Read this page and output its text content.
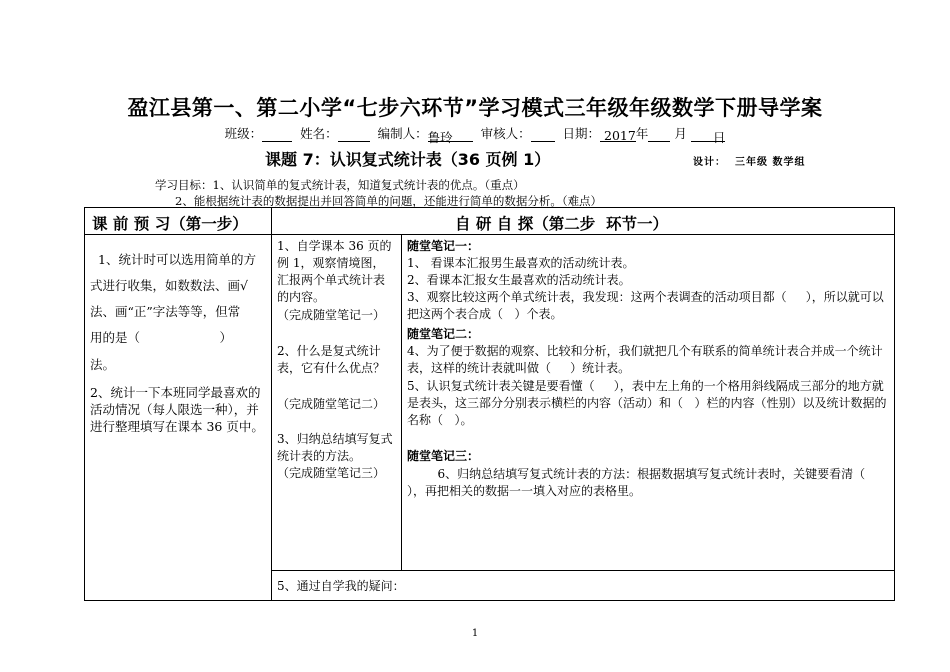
盈江县第一、第二小学“七步六环节”学习模式三年级年级数学下册导学案
班级：	姓名：	编制人：鲁玲 审核人：	日期： 2017年 月 日
课题 7：认识复式统计表（36 页例 1）	设计：  三年级 数学组
学习目标：1、认识简单的复式统计表，知道复式统计表的优点。（重点）
2、能根据统计表的数据提出并回答简单的问题，还能进行简单的数据分析。（难点）
课 前 预 习（第一步）	自 研 自 探（第二步  环节一）
1、统计时可以选用简单的方
式进行收集，如数数法、画√
法、画“正”字法等等，但常
用的是（                    ）
法。
2、统计一下本班同学最喜欢的活动情况（每人限选一种），并进行整理填写在课本 36 页中。
1、自学课本 36 页的例 1，观察情境图，汇报两个单式统计表的内容。
（完成随堂笔记一）
2、什么是复式统计表，它有什么优点？
（完成随堂笔记二）
3、归纳总结填写复式统计表的方法。
（完成随堂笔记三）
随堂笔记一：
1、 看课本汇报男生最喜欢的活动统计表。
2、看课本汇报女生最喜欢的活动统计表。
3、观察比较这两个单式统计表，我发现：这两个表调查的活动项目都（     ），所以就可以把这两个表合成（   ）个表。
随堂笔记二：
4、为了便于数据的观察、比较和分析，我们就把几个有联系的简单统计表合并成一个统计表，这样的统计表就叫做（     ）统计表。
5、认识复式统计表关键是要看懂（     ），表中左上角的一个格用斜线隔成三部分的地方就是表头，这三部分分别表示横栏的内容（活动）和（   ）栏的内容（性别）以及统计数据的名称（   ）。
随堂笔记三：
6、归纳总结填写复式统计表的方法：根据数据填写复式统计表时，关键要看清（       ），再把相关的数据一一填入对应的表格里。
5、通过自学我的疑问：
1
